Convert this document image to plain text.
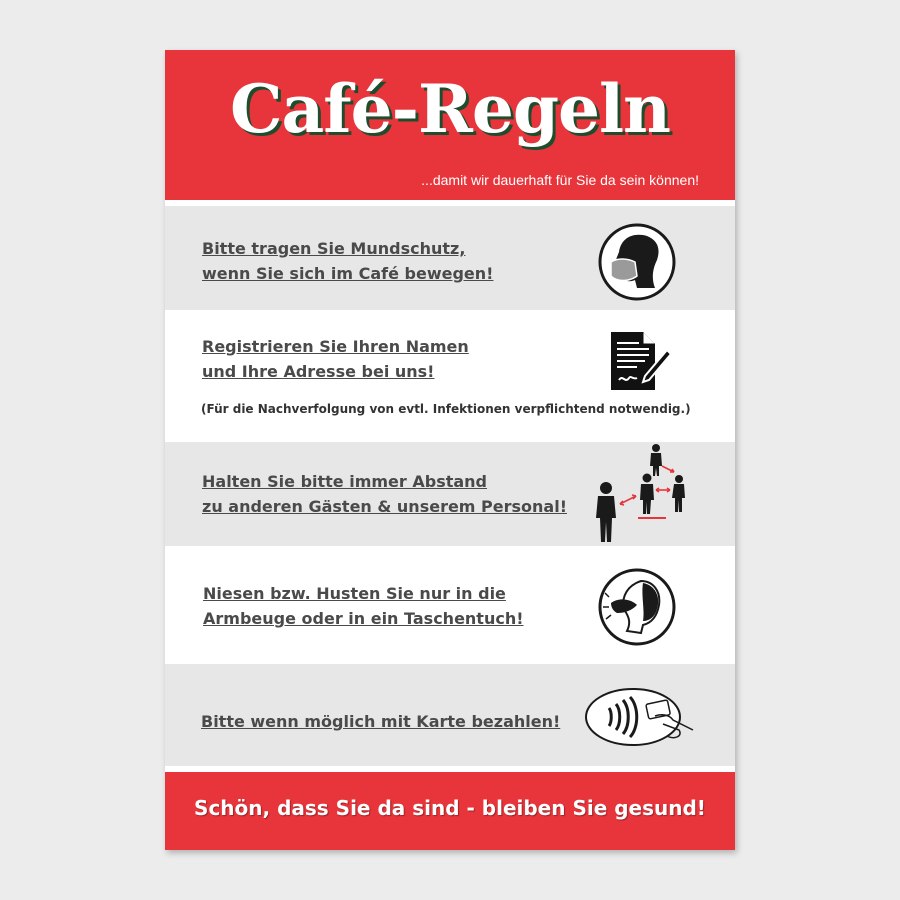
Café-Regeln
...damit wir dauerhaft für Sie da sein können!
Bitte tragen Sie Mundschutz,
wenn Sie sich im Café bewegen!
Registrieren Sie Ihren Namen
und Ihre Adresse bei uns!
(Für die Nachverfolgung von evtl. Infektionen verpflichtend notwendig.)
Halten Sie bitte immer Abstand
zu anderen Gästen & unserem Personal!
Niesen bzw. Husten Sie nur in die
Armbeuge oder in ein Taschentuch!
Bitte wenn möglich mit Karte bezahlen!
Schön, dass Sie da sind - bleiben Sie gesund!
